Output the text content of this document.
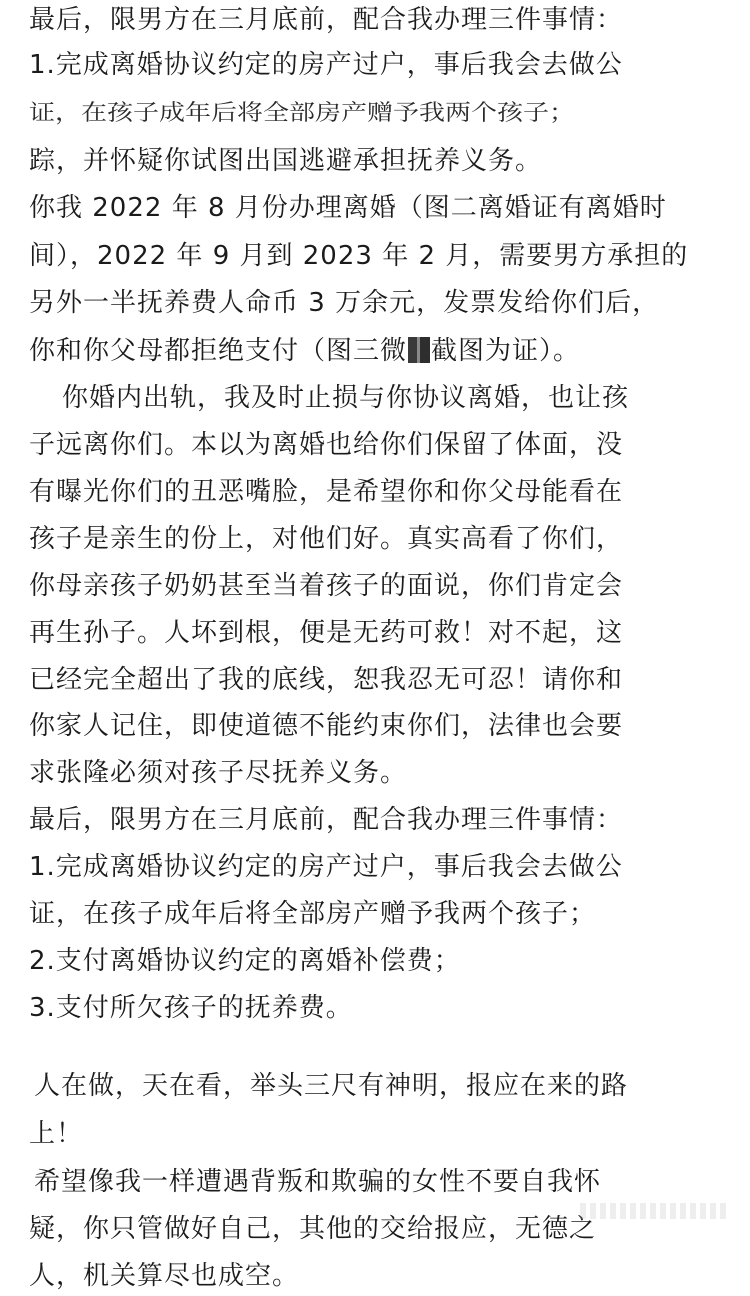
最后，限男方在三月底前，配合我办理三件事情：
1.完成离婚协议约定的房产过户，事后我会去做公
证，在孩子成年后将全部房产赠予我两个孩子；
踪，并怀疑你试图出国逃避承担抚养义务。
你我 2022 年 8 月份办理离婚（图二离婚证有离婚时
间），2022 年 9 月到 2023 年 2 月，需要男方承担的
另外一半抚养费人命币 3 万余元，发票发给你们后，
你和你父母都拒绝支付（图三微 截图为证）。
你婚内出轨，我及时止损与你协议离婚，也让孩
子远离你们。本以为离婚也给你们保留了体面，没
有曝光你们的丑恶嘴脸，是希望你和你父母能看在
孩子是亲生的份上，对他们好。真实高看了你们，
你母亲孩子奶奶甚至当着孩子的面说，你们肯定会
再生孙子。人坏到根，便是无药可救！对不起，这
已经完全超出了我的底线，恕我忍无可忍！请你和
你家人记住，即使道德不能约束你们，法律也会要
求张隆必须对孩子尽抚养义务。
最后，限男方在三月底前，配合我办理三件事情：
1.完成离婚协议约定的房产过户，事后我会去做公
证，在孩子成年后将全部房产赠予我两个孩子；
2.支付离婚协议约定的离婚补偿费；
3.支付所欠孩子的抚养费。
人在做，天在看，举头三尺有神明，报应在来的路
上！
希望像我一样遭遇背叛和欺骗的女性不要自我怀
疑，你只管做好自己，其他的交给报应，无德之
人，机关算尽也成空。
